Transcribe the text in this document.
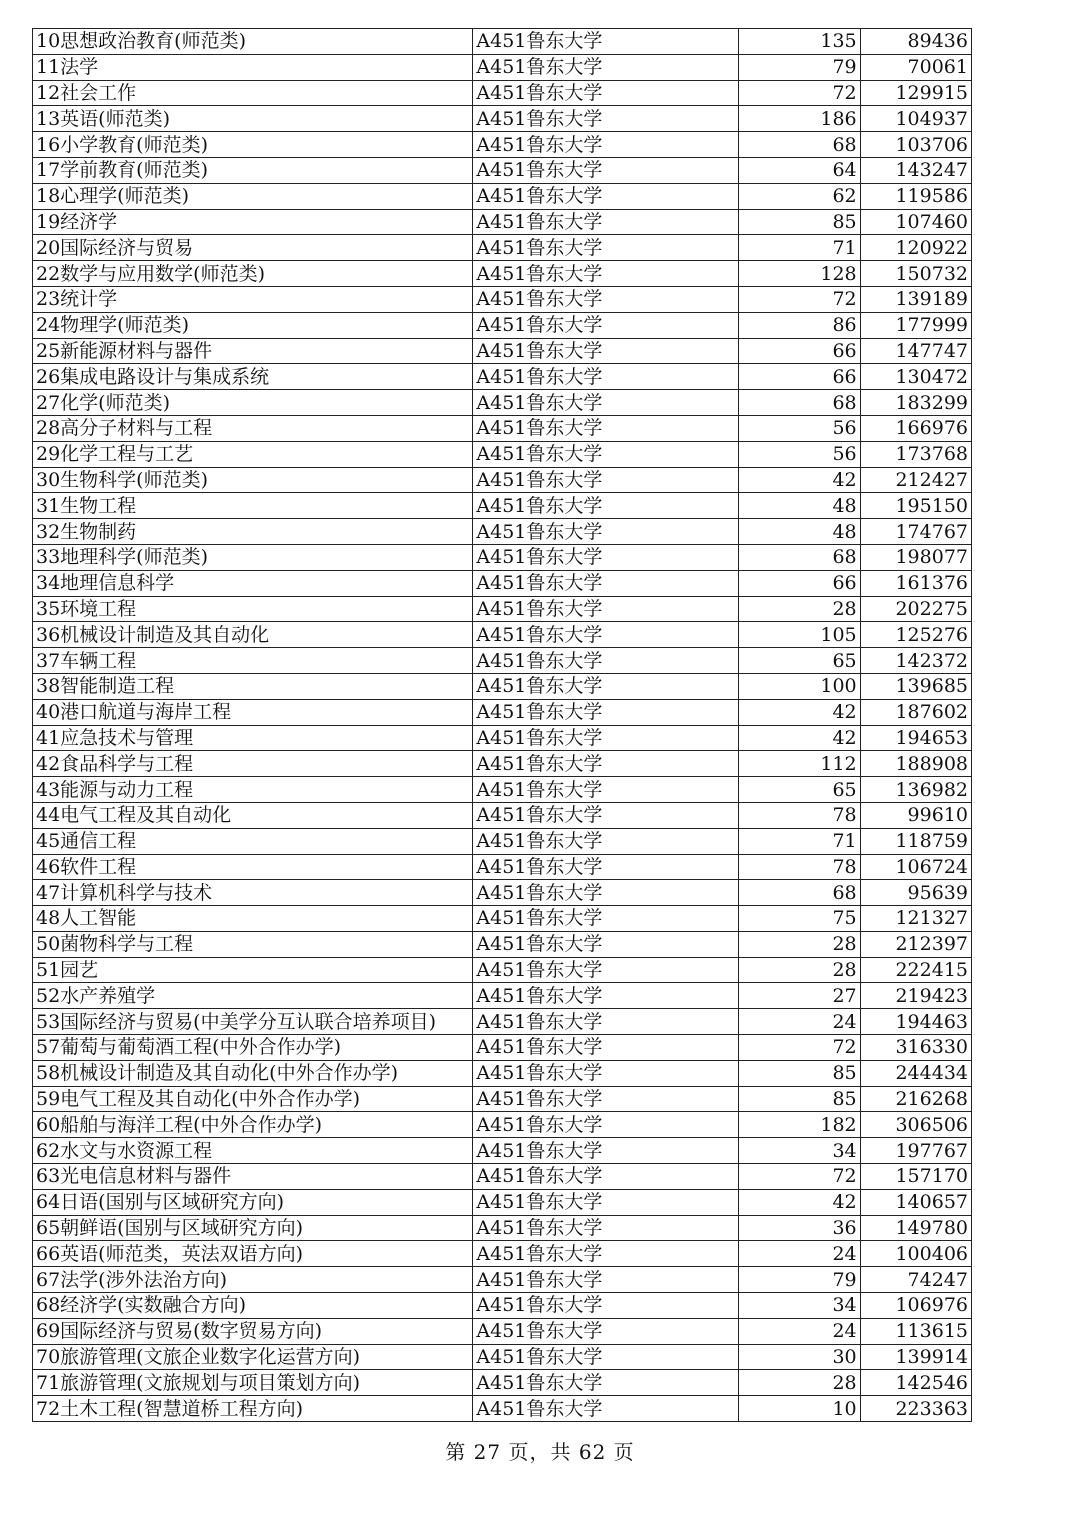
10思想政治教育(师范类)	A451鲁东大学	135	89436
11法学	A451鲁东大学	79	70061
12社会工作	A451鲁东大学	72	129915
13英语(师范类)	A451鲁东大学	186	104937
16小学教育(师范类)	A451鲁东大学	68	103706
17学前教育(师范类)	A451鲁东大学	64	143247
18心理学(师范类)	A451鲁东大学	62	119586
19经济学	A451鲁东大学	85	107460
20国际经济与贸易	A451鲁东大学	71	120922
22数学与应用数学(师范类)	A451鲁东大学	128	150732
23统计学	A451鲁东大学	72	139189
24物理学(师范类)	A451鲁东大学	86	177999
25新能源材料与器件	A451鲁东大学	66	147747
26集成电路设计与集成系统	A451鲁东大学	66	130472
27化学(师范类)	A451鲁东大学	68	183299
28高分子材料与工程	A451鲁东大学	56	166976
29化学工程与工艺	A451鲁东大学	56	173768
30生物科学(师范类)	A451鲁东大学	42	212427
31生物工程	A451鲁东大学	48	195150
32生物制药	A451鲁东大学	48	174767
33地理科学(师范类)	A451鲁东大学	68	198077
34地理信息科学	A451鲁东大学	66	161376
35环境工程	A451鲁东大学	28	202275
36机械设计制造及其自动化	A451鲁东大学	105	125276
37车辆工程	A451鲁东大学	65	142372
38智能制造工程	A451鲁东大学	100	139685
40港口航道与海岸工程	A451鲁东大学	42	187602
41应急技术与管理	A451鲁东大学	42	194653
42食品科学与工程	A451鲁东大学	112	188908
43能源与动力工程	A451鲁东大学	65	136982
44电气工程及其自动化	A451鲁东大学	78	99610
45通信工程	A451鲁东大学	71	118759
46软件工程	A451鲁东大学	78	106724
47计算机科学与技术	A451鲁东大学	68	95639
48人工智能	A451鲁东大学	75	121327
50菌物科学与工程	A451鲁东大学	28	212397
51园艺	A451鲁东大学	28	222415
52水产养殖学	A451鲁东大学	27	219423
53国际经济与贸易(中美学分互认联合培养项目)	A451鲁东大学	24	194463
57葡萄与葡萄酒工程(中外合作办学)	A451鲁东大学	72	316330
58机械设计制造及其自动化(中外合作办学)	A451鲁东大学	85	244434
59电气工程及其自动化(中外合作办学)	A451鲁东大学	85	216268
60船舶与海洋工程(中外合作办学)	A451鲁东大学	182	306506
62水文与水资源工程	A451鲁东大学	34	197767
63光电信息材料与器件	A451鲁东大学	72	157170
64日语(国别与区域研究方向)	A451鲁东大学	42	140657
65朝鲜语(国别与区域研究方向)	A451鲁东大学	36	149780
66英语(师范类，英法双语方向)	A451鲁东大学	24	100406
67法学(涉外法治方向)	A451鲁东大学	79	74247
68经济学(实数融合方向)	A451鲁东大学	34	106976
69国际经济与贸易(数字贸易方向)	A451鲁东大学	24	113615
70旅游管理(文旅企业数字化运营方向)	A451鲁东大学	30	139914
71旅游管理(文旅规划与项目策划方向)	A451鲁东大学	28	142546
72土木工程(智慧道桥工程方向)	A451鲁东大学	10	223363
第 27 页，共 62 页
